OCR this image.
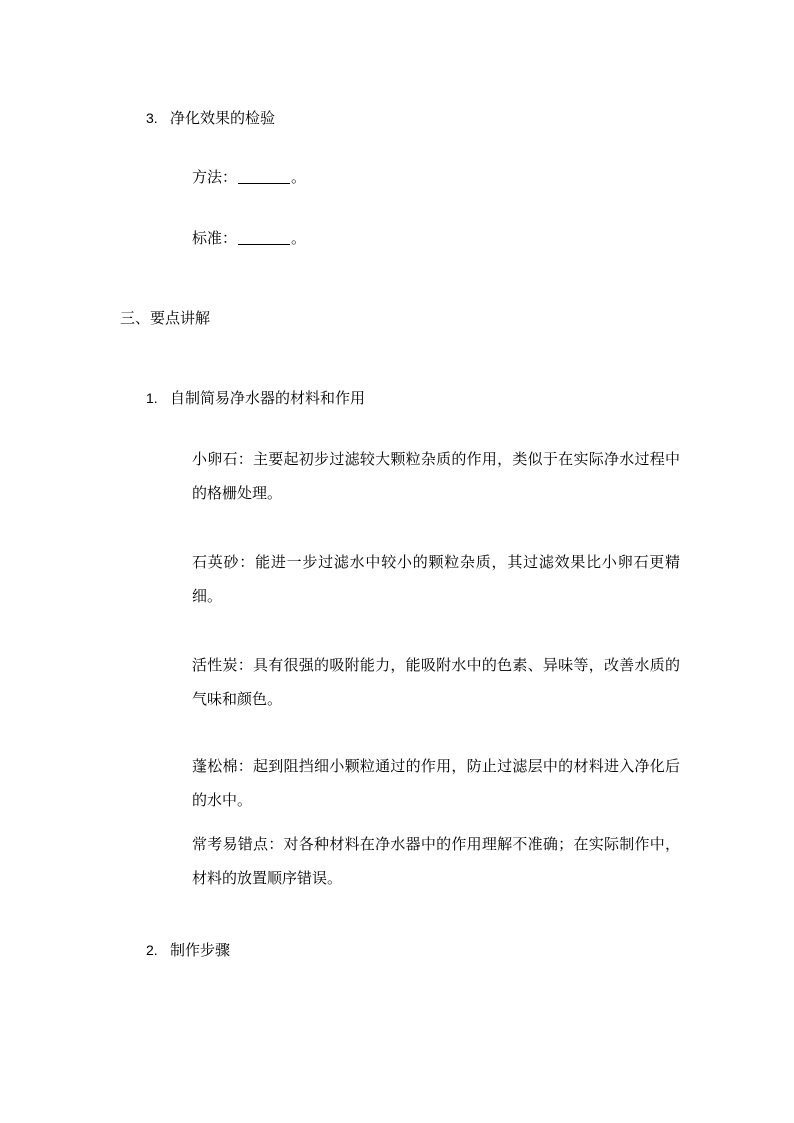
3. 净化效果的检验
方法：	。
标准：	。
三、要点讲解
1. 自制简易净水器的材料和作用
小卵石：主要起初步过滤较大颗粒杂质的作用，类似于在实际净水过程中的格栅处理。
石英砂：能进一步过滤水中较小的颗粒杂质，其过滤效果比小卵石更精细。
活性炭：具有很强的吸附能力，能吸附水中的色素、异味等，改善水质的气味和颜色。
蓬松棉：起到阻挡细小颗粒通过的作用，防止过滤层中的材料进入净化后的水中。
常考易错点：对各种材料在净水器中的作用理解不准确；在实际制作中，材料的放置顺序错误。
2. 制作步骤
